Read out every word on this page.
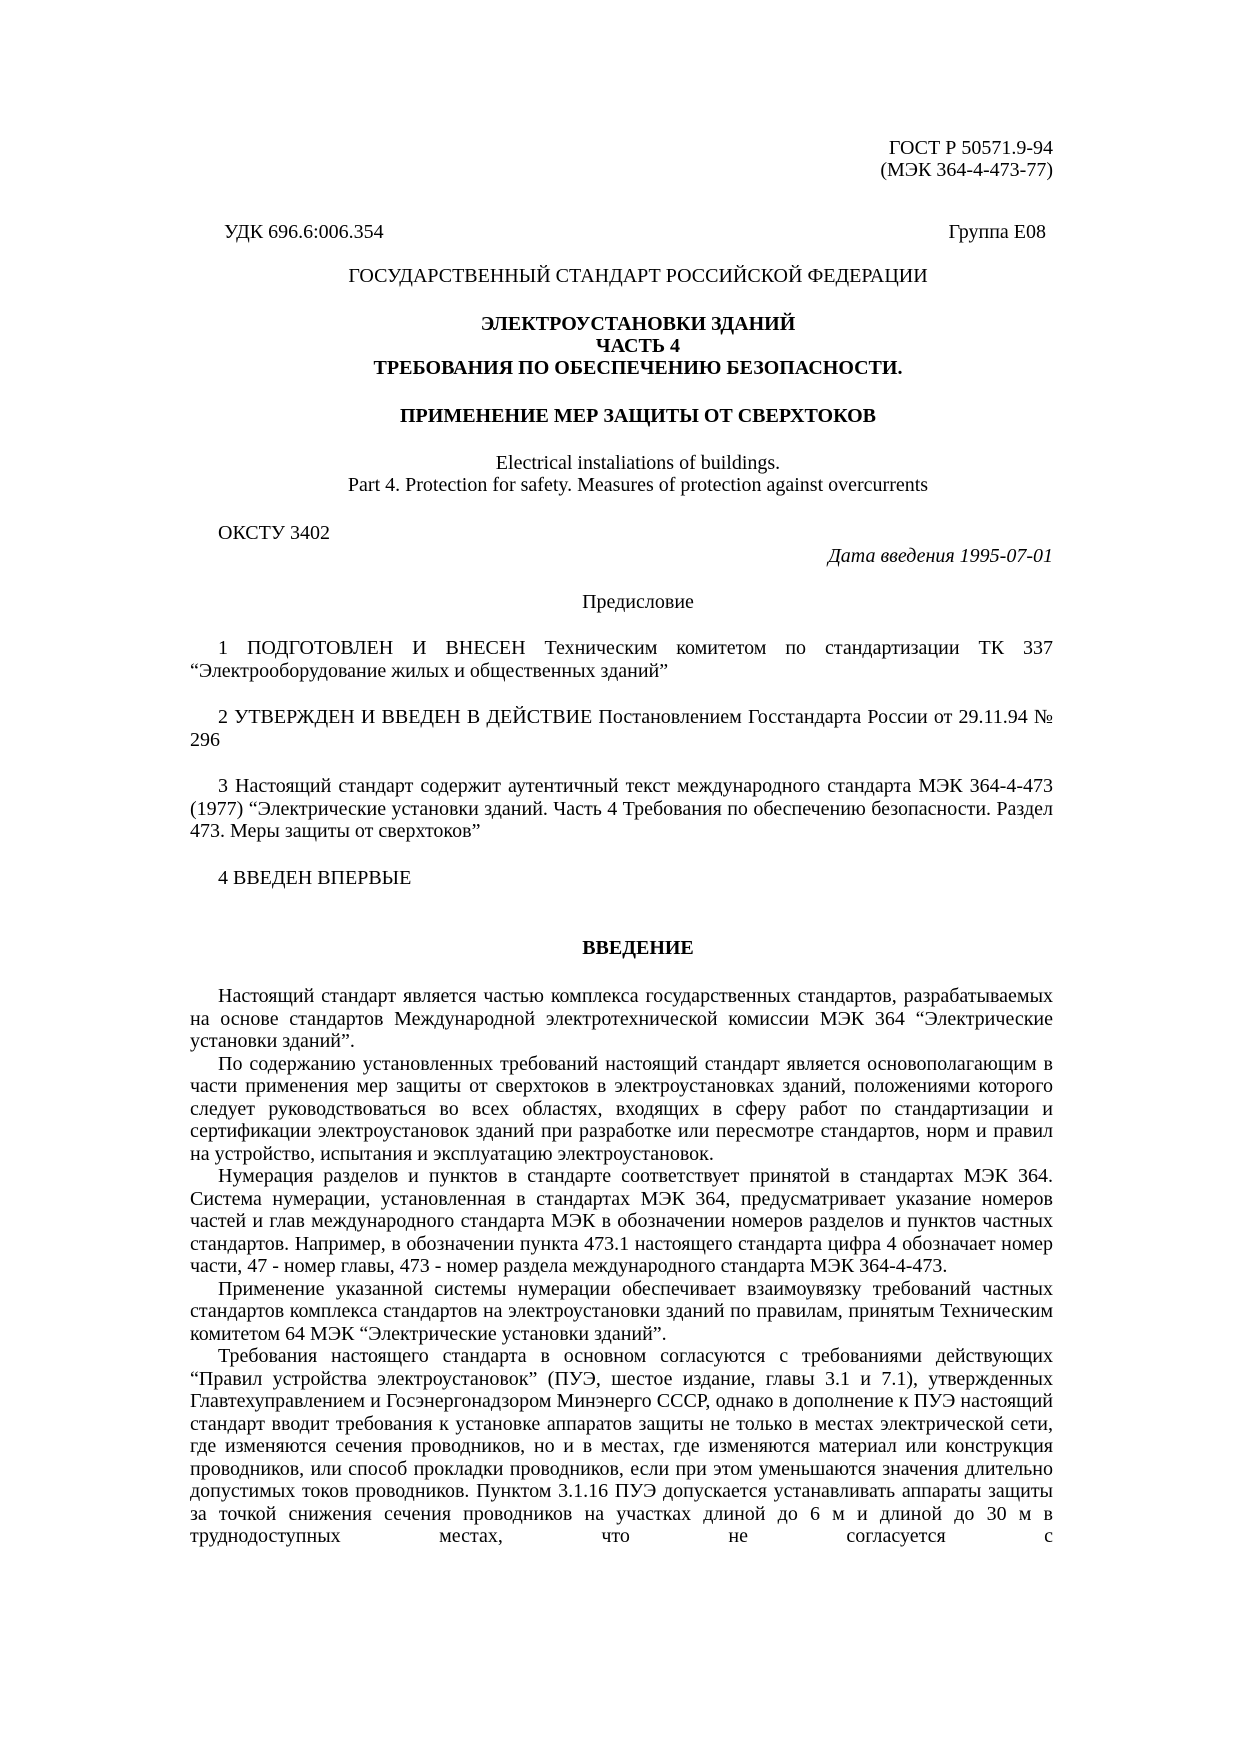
ГОСТ Р 50571.9-94
(МЭК 364-4-473-77)
УДК 696.6:006.354	Группа Е08
ГОСУДАРСТВЕННЫЙ СТАНДАРТ РОССИЙСКОЙ ФЕДЕРАЦИИ
ЭЛЕКТРОУСТАНОВКИ ЗДАНИЙ
ЧАСТЬ 4
ТРЕБОВАНИЯ ПО ОБЕСПЕЧЕНИЮ БЕЗОПАСНОСТИ.
ПРИМЕНЕНИЕ МЕР ЗАЩИТЫ ОТ СВЕРХТОКОВ
Electrical instaliations of buildings.
Part 4. Protection for safety. Measures of protection against overcurrents
ОКСТУ 3402
Дата введения 1995-07-01
Предисловие

1 ПОДГОТОВЛЕН И ВНЕСЕН Техническим комитетом по стандартизации ТК 337 “Электрооборудование жилых и общественных зданий”

2 УТВЕРЖДЕН И ВВЕДЕН В ДЕЙСТВИЕ Постановлением Госстандарта России от 29.11.94 № 296

3 Настоящий стандарт содержит аутентичный текст международного стандарта МЭК 364-4-473 (1977) “Электрические установки зданий. Часть 4 Требования по обеспечению безопасности. Раздел 473. Меры защиты от сверхтоков”

4 ВВЕДЕН ВПЕРВЫЕ

ВВЕДЕНИЕ

Настоящий стандарт является частью комплекса государственных стандартов, разрабатываемых на основе стандартов Международной электротехнической комиссии МЭК 364 “Электрические установки зданий”.

По содержанию установленных требований настоящий стандарт является основополагающим в части применения мер защиты от сверхтоков в электроустановках зданий, положениями которого следует руководствоваться во всех областях, входящих в сферу работ по стандартизации и сертификации электроустановок зданий при разработке или пересмотре стандартов, норм и правил на устройство, испытания и эксплуатацию электроустановок.

Нумерация разделов и пунктов в стандарте соответствует принятой в стандартах МЭК 364. Система нумерации, установленная в стандартах МЭК 364, предусматривает указание номеров частей и глав международного стандарта МЭК в обозначении номеров разделов и пунктов частных стандартов. Например, в обозначении пункта 473.1 настоящего стандарта цифра 4 обозначает номер части, 47 - номер главы, 473 - номер раздела международного стандарта МЭК 364-4-473.

Применение указанной системы нумерации обеспечивает взаимоувязку требований частных стандартов комплекса стандартов на электроустановки зданий по правилам, принятым Техническим комитетом 64 МЭК “Электрические установки зданий”.

Требования настоящего стандарта в основном согласуются с требованиями действующих “Правил устройства электроустановок” (ПУЭ, шестое издание, главы 3.1 и 7.1), утвержденных Главтехуправлением и Госэнергонадзором Минэнерго СССР, однако в дополнение к ПУЭ настоящий стандарт вводит требования к установке аппаратов защиты не только в местах электрической сети, где изменяются сечения проводников, но и в местах, где изменяются материал или конструкция проводников, или способ прокладки проводников, если при этом уменьшаются значения длительно допустимых токов проводников. Пунктом 3.1.16 ПУЭ допускается устанавливать аппараты защиты за точкой снижения сечения проводников на участках длиной до 6 м и длиной до 30 м в труднодоступных местах, что не согласуется с
